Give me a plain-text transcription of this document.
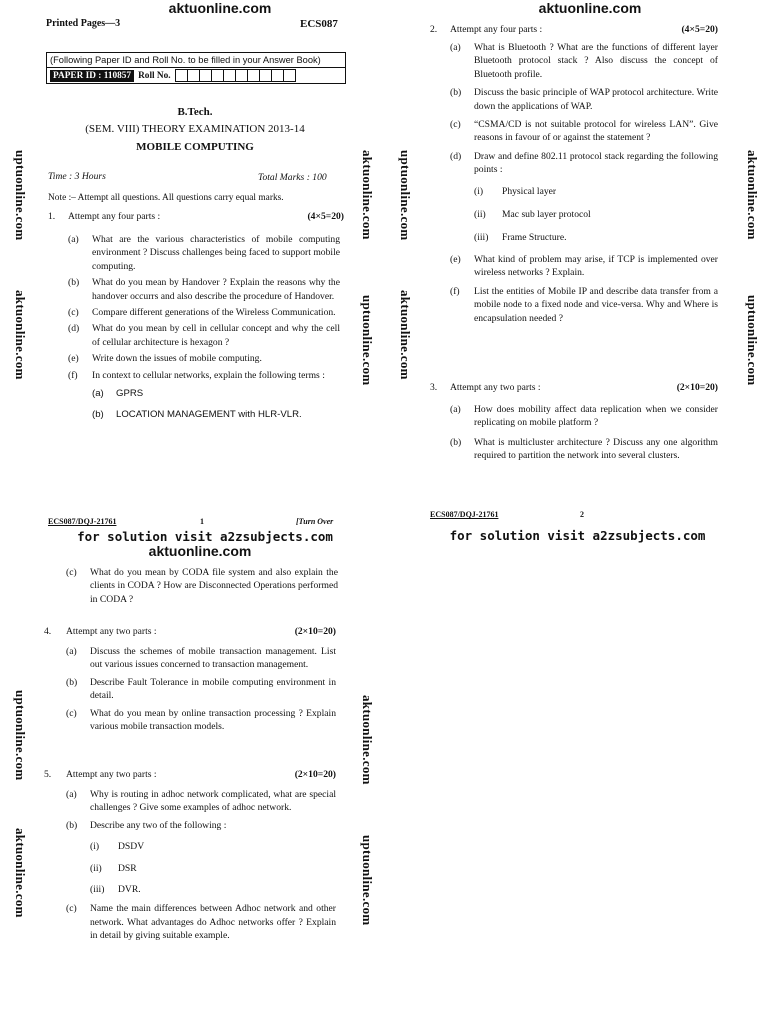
aktuonline.com	aktuonline.com
uptuonline.com
aktuonline.com
aktuonline.com
uptuonline.com
uptuonline.com
aktuonline.com
aktuonline.com
uptuonline.com
uptuonline.com
aktuonline.com
aktuonline.com
uptuonline.com
Printed Pages—3	ECS087
(Following Paper ID and Roll No. to be filled in your Answer Book)
PAPER ID : 110857 Roll No.
B.Tech.
(SEM. VIII) THEORY EXAMINATION 2013-14
MOBILE COMPUTING
Time : 3 Hours	Total Marks : 100
Note :– Attempt all questions. All questions carry equal marks.
1.	Attempt any four parts :	(4×5=20)
(a)	What are the various characteristics of mobile computing environment ? Discuss challenges being faced to support mobile computing.
(b)	What do you mean by Handover ? Explain the reasons why the handover occurrs and also describe the procedure of Handover.
(c)	Compare different generations of the Wireless Communication.
(d)	What do you mean by cell in cellular concept and why the cell of cellular architecture is hexagon ?
(e)	Write down the issues of mobile computing.
(f)	In context to cellular networks, explain the following terms :
(a)	GPRS
(b)	LOCATION MANAGEMENT with HLR-VLR.
ECS087/DQJ-21761	1	[Turn Over
for solution visit a2zsubjects.com
aktuonline.com
2.	Attempt any four parts :	(4×5=20)
(a)	What is Bluetooth ? What are the functions of different layer Bluetooth protocol stack ? Also discuss the concept of Bluetooth profile.
(b)	Discuss the basic principle of WAP protocol architecture. Write down the applications of WAP.
(c)	“CSMA/CD is not suitable protocol for wireless LAN”. Give reasons in favour of or against the statement ?
(d)	Draw and define 802.11 protocol stack regarding the following points :
(i)	Physical layer
(ii)	Mac sub layer protocol
(iii)	Frame Structure.
(e)	What kind of problem may arise, if TCP is implemented over wireless networks ? Explain.
(f)	List the entities of Mobile IP and describe data transfer from a mobile node to a fixed node and vice-versa. Why and Where is encapsulation needed ?
3.	Attempt any two parts :	(2×10=20)
(a)	How does mobility affect data replication when we consider replicating on mobile platform ?
(b)	What is multicluster architecture ? Discuss any one algorithm required to partition the network into several clusters.
ECS087/DQJ-21761	2
for solution visit a2zsubjects.com
(c)	What do you mean by CODA file system and also explain the clients in CODA ? How are Disconnected Operations performed in CODA ?
4.	Attempt any two parts :	(2×10=20)
(a)	Discuss the schemes of mobile transaction management. List out various issues concerned to transaction management.
(b)	Describe Fault Tolerance in mobile computing environment in detail.
(c)	What do you mean by online transaction processing ? Explain various mobile transaction models.
5.	Attempt any two parts :	(2×10=20)
(a)	Why is routing in adhoc network complicated, what are special challenges ? Give some examples of adhoc network.
(b)	Describe any two of the following :
(i)	DSDV
(ii)	DSR
(iii)	DVR.
(c)	Name the main differences between Adhoc network and other network. What advantages do Adhoc networks offer ? Explain in detail by giving suitable example.
